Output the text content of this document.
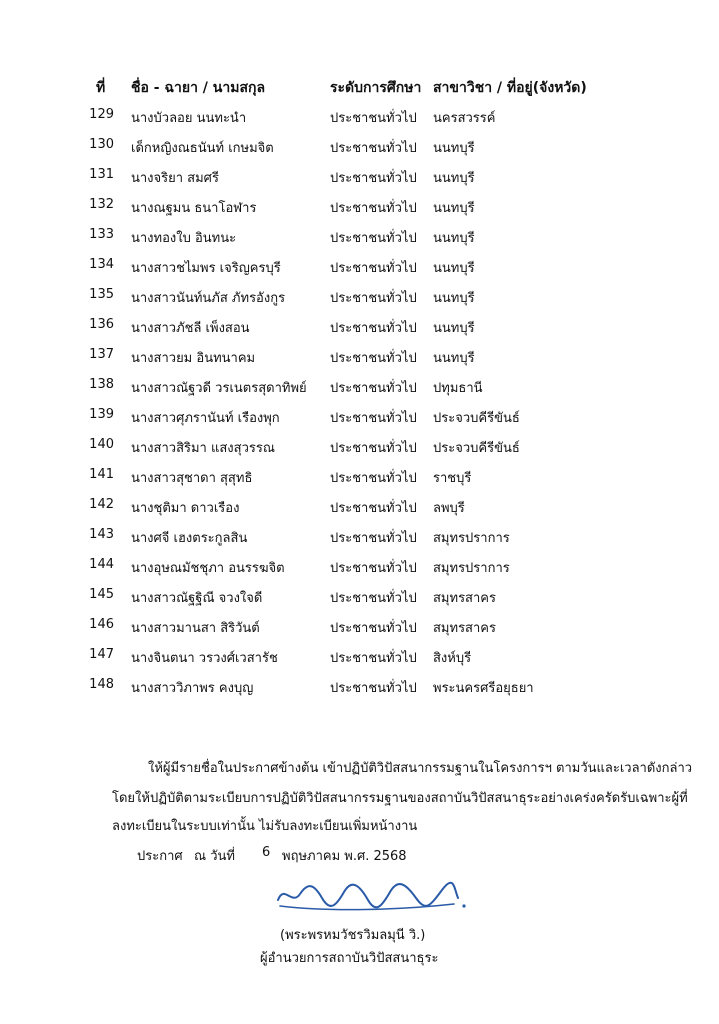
ที่ ชื่อ - ฉายา / นามสกุล	ระดับการศึกษา สาขาวิชา / ที่อยู่(จังหวัด)
129 นางบัวลอย นนทะนำ	ประชาชนทั่วไป นครสวรรค์
130 เด็กหญิงณธนันท์ เกษมจิต	ประชาชนทั่วไป นนทบุรี
131 นางจริยา สมศรี	ประชาชนทั่วไป นนทบุรี
132 นางณฐมน ธนาโอฬาร	ประชาชนทั่วไป นนทบุรี
133 นางทองใบ อินทนะ	ประชาชนทั่วไป นนทบุรี
134 นางสาวชไมพร เจริญครบุรี	ประชาชนทั่วไป นนทบุรี
135 นางสาวนันท์นภัส ภัทรอังกูร	ประชาชนทั่วไป นนทบุรี
136 นางสาวภัชลี เพ็งสอน	ประชาชนทั่วไป นนทบุรี
137 นางสาวยม อินทนาคม	ประชาชนทั่วไป นนทบุรี
138 นางสาวณัฐวดี วรเนตรสุดาทิพย์ ประชาชนทั่วไป ปทุมธานี
139 นางสาวศุภรานันท์ เรืองพุก	ประชาชนทั่วไป ประจวบคีรีขันธ์
140 นางสาวสิริมา แสงสุวรรณ	ประชาชนทั่วไป ประจวบคีรีขันธ์
141 นางสาวสุชาดา สุสุทธิ	ประชาชนทั่วไป ราชบุรี
142 นางชุติมา ดาวเรือง	ประชาชนทั่วไป ลพบุรี
143 นางศจี เฮงตระกูลสิน	ประชาชนทั่วไป สมุทรปราการ
144 นางอุษณมัชชุภา อนรรฆจิต	ประชาชนทั่วไป สมุทรปราการ
145 นางสาวณัฐฐิณี จวงใจดี	ประชาชนทั่วไป สมุทรสาคร
146 นางสาวมานสา สิริวันต์	ประชาชนทั่วไป สมุทรสาคร
147 นางจินตนา วรวงศ์เวสารัช	ประชาชนทั่วไป สิงห์บุรี
148 นางสาววิภาพร คงบุญ	ประชาชนทั่วไป พระนครศรีอยุธยา
ให้ผู้มีรายชื่อในประกาศข้างต้น เข้าปฏิบัติวิปัสสนากรรมฐานในโครงการฯ ตามวันและเวลาดังกล่าว
โดยให้ปฏิบัติตามระเบียบการปฏิบัติวิปัสสนากรรมฐานของสถาบันวิปัสสนาธุระอย่างเคร่งครัดรับเฉพาะผู้ที่
ลงทะเบียนในระบบเท่านั้น ไม่รับลงทะเบียนเพิ่มหน้างาน
ประกาศ ณ วันที่ 6 พฤษภาคม พ.ศ. 2568
(พระพรหมวัชรวิมลมุนี วิ.)
ผู้อำนวยการสถาบันวิปัสสนาธุระ
